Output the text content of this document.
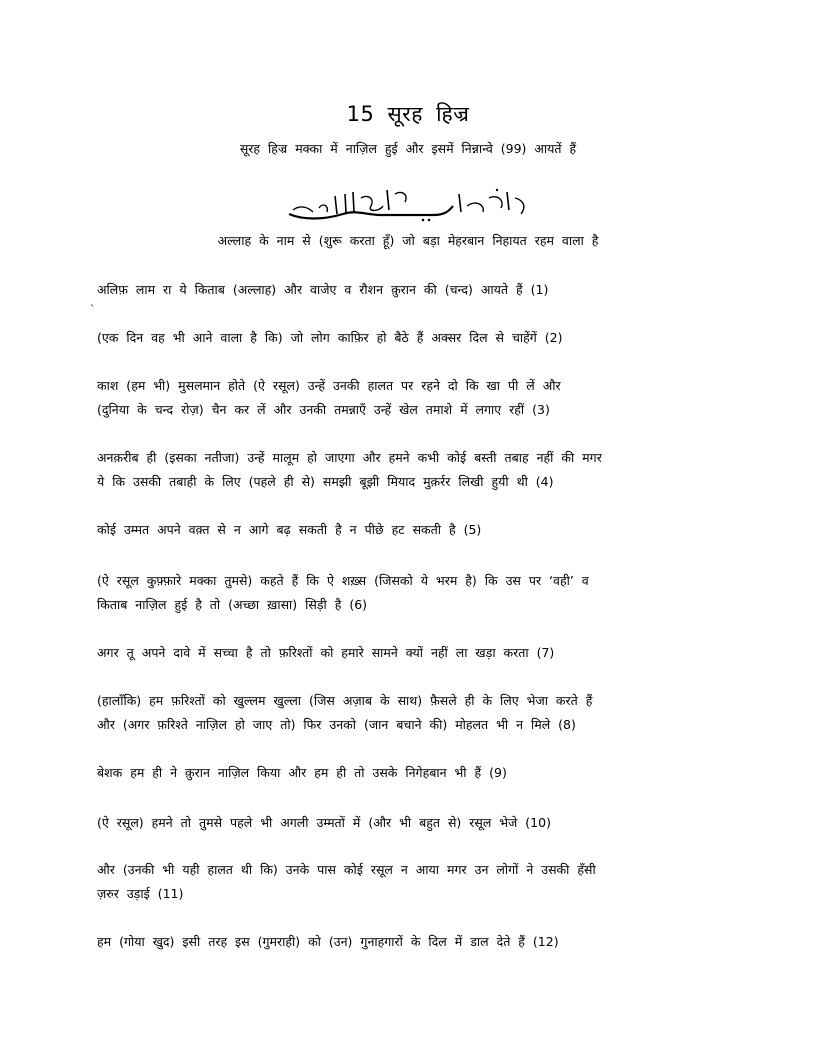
15 सूरह हिज्र
सूरह हिज्र मक्का में नाज़िल हुई और इसमें निन्नान्वे (99) आयतें हैं
अल्लाह के नाम से (शुरू करता हूँ) जो बड़ा मेहरबान निहायत रहम वाला है
`
अलिफ़ लाम रा ये किताब (अल्लाह) और वाजेए व रौशन क़ुरान की (चन्द) आयते हैं (1)
(एक दिन वह भी आने वाला है कि) जो लोग काफ़िर हो बैठे हैं अक्सर दिल से चाहेंगें (2)
काश (हम भी) मुसलमान होते (ऐ रसूल) उन्हें उनकी हालत पर रहने दो कि खा पी लें और
(दुनिया के चन्द रोज़) चैन कर लें और उनकी तमन्नाएँ उन्हें खेल तमाशे में लगाए रहीं (3)
अनक़रीब ही (इसका नतीजा) उन्हें मालूम हो जाएगा और हमने कभी कोई बस्ती तबाह नहीं की मगर
ये कि उसकी तबाही के लिए (पहले ही से) समझी बूझी मियाद मुक़र्रर लिखी हुयी थी (4)
कोई उम्मत अपने वक़्त से न आगे बढ़ सकती है न पीछे हट सकती है (5)
(ऐ रसूल कुफ़्फ़ारे मक्का तुमसे) कहते हैं कि ऐ शख़्स (जिसको ये भरम है) कि उस पर ‘वही’ व
किताब नाज़िल हुई है तो (अच्छा ख़ासा) सिड़ी है (6)
अगर तू अपने दावे में सच्चा है तो फ़रिश्तों को हमारे सामने क्यों नहीं ला खड़ा करता (7)
(हालाँकि) हम फ़रिश्तों को खुल्लम खुल्ला (जिस अज़ाब के साथ) फ़ैसले ही के लिए भेजा करते हैं
और (अगर फ़रिश्ते नाज़िल हो जाए तो) फिर उनको (जान बचाने की) मोहलत भी न मिले (8)
बेशक हम ही ने क़ुरान नाज़िल किया और हम ही तो उसके निगेहबान भी हैं (9)
(ऐ रसूल) हमने तो तुमसे पहले भी अगली उम्मतों में (और भी बहुत से) रसूल भेजे (10)
और (उनकी भी यही हालत थी कि) उनके पास कोई रसूल न आया मगर उन लोगों ने उसकी हँसी
ज़रुर उड़ाई (11)
हम (गोया खुद) इसी तरह इस (गुमराही) को (उन) गुनाहगारों के दिल में डाल देते हैं (12)
